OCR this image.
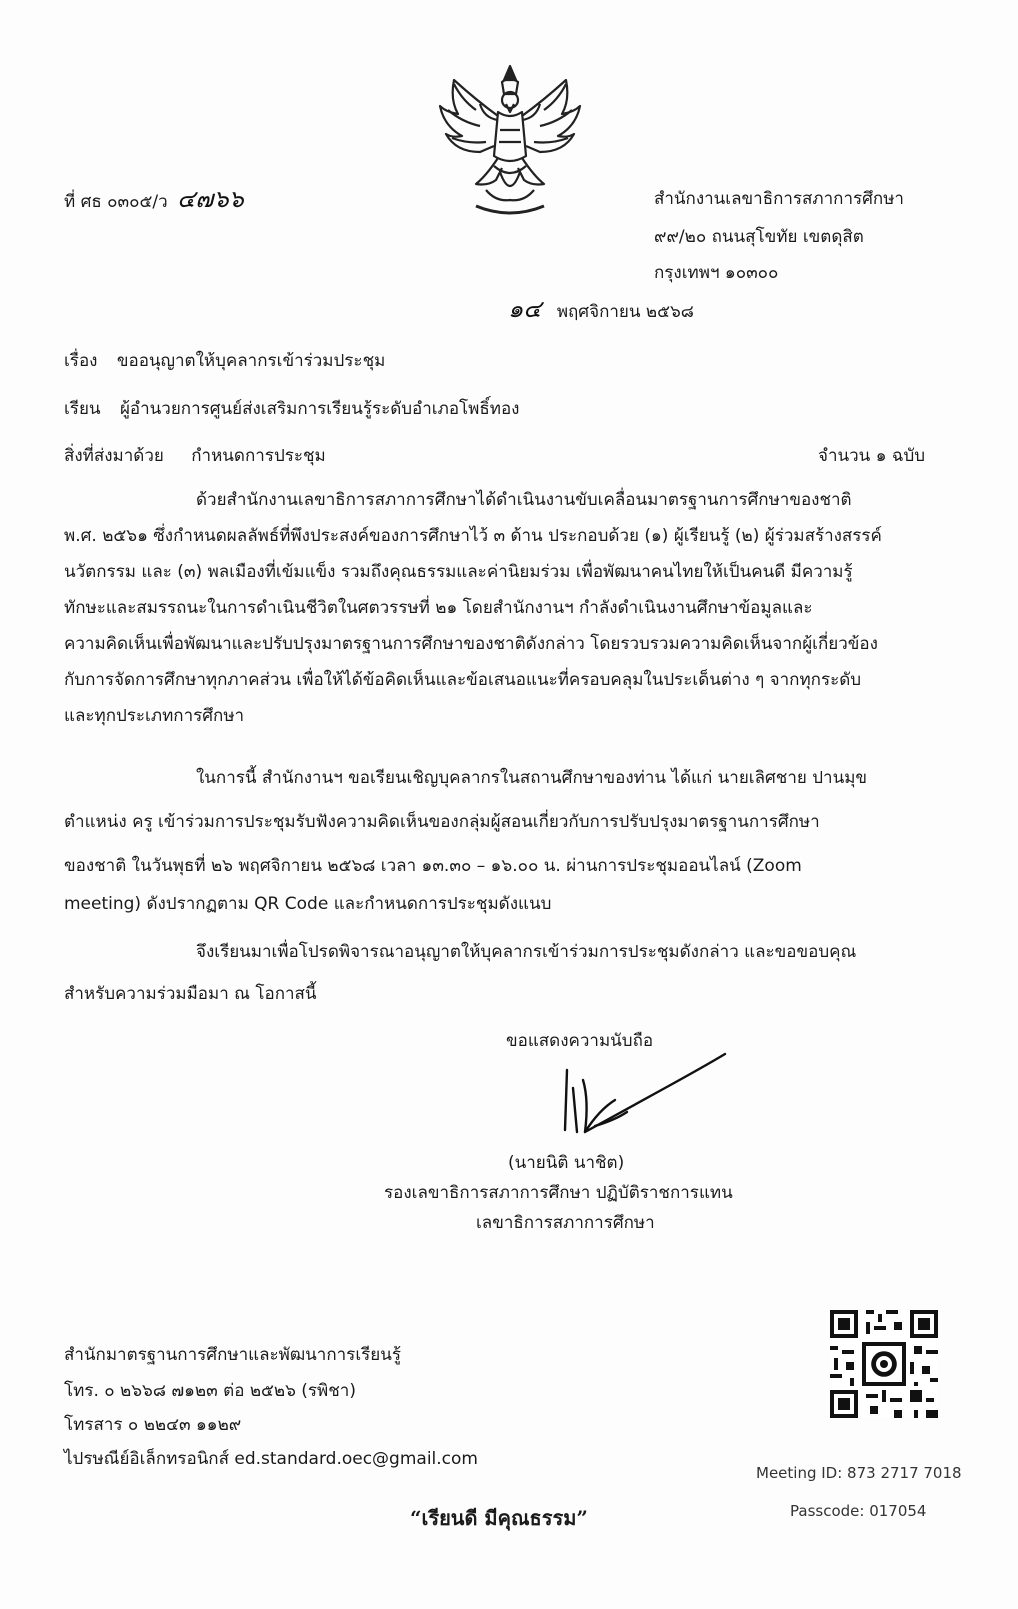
ที่ ศธ ๐๓๐๕/ว ๔๗๖๖	สำนักงานเลขาธิการสภาการศึกษา
๙๙/๒๐ ถนนสุโขทัย เขตดุสิต
กรุงเทพฯ ๑๐๓๐๐
๑๔ พฤศจิกายน ๒๕๖๘
เรื่อง ขออนุญาตให้บุคลากรเข้าร่วมประชุม
เรียน ผู้อำนวยการศูนย์ส่งเสริมการเรียนรู้ระดับอำเภอโพธิ์ทอง
สิ่งที่ส่งมาด้วย กำหนดการประชุม	จำนวน ๑ ฉบับ
ด้วยสำนักงานเลขาธิการสภาการศึกษาได้ดำเนินงานขับเคลื่อนมาตรฐานการศึกษาของชาติ
พ.ศ. ๒๕๖๑ ซึ่งกำหนดผลลัพธ์ที่พึงประสงค์ของการศึกษาไว้ ๓ ด้าน ประกอบด้วย (๑) ผู้เรียนรู้ (๒) ผู้ร่วมสร้างสรรค์
นวัตกรรม และ (๓) พลเมืองที่เข้มแข็ง รวมถึงคุณธรรมและค่านิยมร่วม เพื่อพัฒนาคนไทยให้เป็นคนดี มีความรู้
ทักษะและสมรรถนะในการดำเนินชีวิตในศตวรรษที่ ๒๑ โดยสำนักงานฯ กำลังดำเนินงานศึกษาข้อมูลและ
ความคิดเห็นเพื่อพัฒนาและปรับปรุงมาตรฐานการศึกษาของชาติดังกล่าว โดยรวบรวมความคิดเห็นจากผู้เกี่ยวข้อง
กับการจัดการศึกษาทุกภาคส่วน เพื่อให้ได้ข้อคิดเห็นและข้อเสนอแนะที่ครอบคลุมในประเด็นต่าง ๆ จากทุกระดับ
และทุกประเภทการศึกษา
ในการนี้ สำนักงานฯ ขอเรียนเชิญบุคลากรในสถานศึกษาของท่าน ได้แก่ นายเลิศชาย ปานมุข
ตำแหน่ง ครู เข้าร่วมการประชุมรับฟังความคิดเห็นของกลุ่มผู้สอนเกี่ยวกับการปรับปรุงมาตรฐานการศึกษา
ของชาติ ในวันพุธที่ ๒๖ พฤศจิกายน ๒๕๖๘ เวลา ๑๓.๓๐ – ๑๖.๐๐ น. ผ่านการประชุมออนไลน์ (Zoom
meeting) ดังปรากฏตาม QR Code และกำหนดการประชุมดังแนบ
จึงเรียนมาเพื่อโปรดพิจารณาอนุญาตให้บุคลากรเข้าร่วมการประชุมดังกล่าว และขอขอบคุณ
สำหรับความร่วมมือมา ณ โอกาสนี้
ขอแสดงความนับถือ
(นายนิติ นาชิต)
รองเลขาธิการสภาการศึกษา ปฏิบัติราชการแทน
เลขาธิการสภาการศึกษา
สำนักมาตรฐานการศึกษาและพัฒนาการเรียนรู้
โทร. ๐ ๒๖๖๘ ๗๑๒๓ ต่อ ๒๕๒๖ (รพิชา)
โทรสาร ๐ ๒๒๔๓ ๑๑๒๙
ไปรษณีย์อิเล็กทรอนิกส์ ed.standard.oec@gmail.com
Meeting ID: 873 2717 7018
Passcode: 017054
“เรียนดี มีคุณธรรม”
